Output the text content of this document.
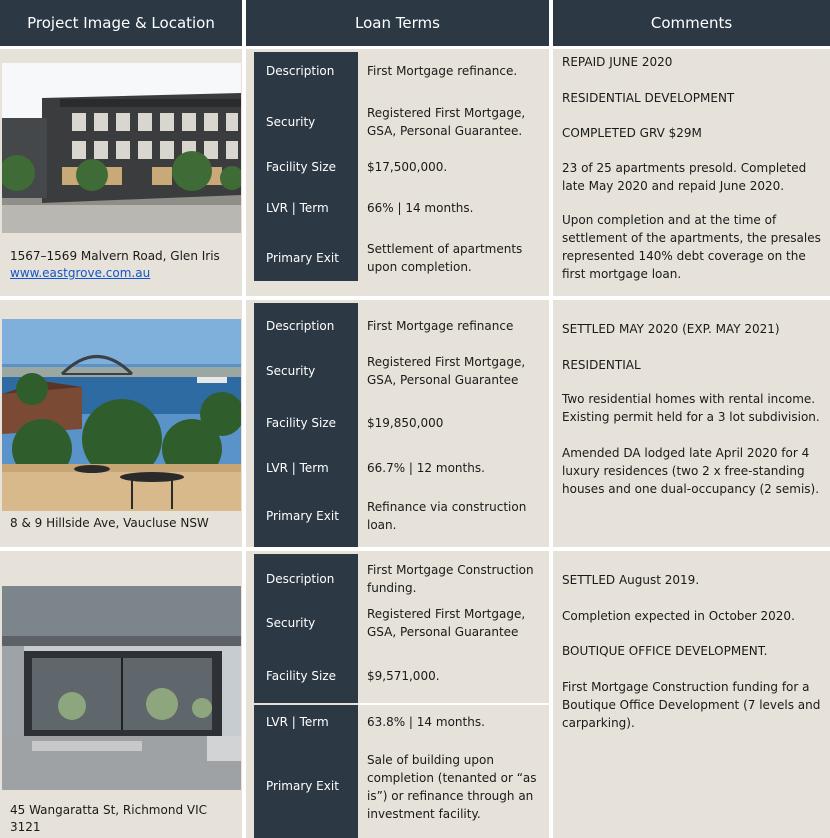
Project Image & Location	Loan Terms	Comments
1567–1569 Malvern Road, Glen Iris
www.eastgrove.com.au
Description
Security
Facility Size
LVR | Term
Primary Exit
First Mortgage refinance.
Registered First Mortgage, GSA, Personal Guarantee.
$17,500,000.
66% | 14 months.
Settlement of apartments upon completion.
REPAID JUNE 2020
RESIDENTIAL DEVELOPMENT
COMPLETED GRV $29M
23 of 25 apartments presold. Completed late May 2020 and repaid June 2020.
Upon completion and at the time of settlement of the apartments, the presales represented 140% debt coverage on the first mortgage loan.
8 & 9 Hillside Ave, Vaucluse NSW
Description
Security
Facility Size
LVR | Term
Primary Exit
First Mortgage refinance
Registered First Mortgage, GSA, Personal Guarantee
$19,850,000
66.7% | 12 months.
Refinance via construction loan.
SETTLED MAY 2020 (EXP. MAY 2021)
RESIDENTIAL
Two residential homes with rental income. Existing permit held for a 3 lot subdivision.
Amended DA lodged late April 2020 for 4 luxury residences (two 2 x free-standing houses and one dual-occupancy (2 semis).
45 Wangaratta St, Richmond VIC 3121
Description
Security
Facility Size
LVR | Term
Primary Exit
First Mortgage Construction funding.
Registered First Mortgage, GSA, Personal Guarantee
$9,571,000.
63.8% | 14 months.
Sale of building upon completion (tenanted or “as is”) or refinance through an investment facility.
SETTLED August 2019.
Completion expected in October 2020.
BOUTIQUE OFFICE DEVELOPMENT.
First Mortgage Construction funding for a Boutique Office Development (7 levels and carparking).
